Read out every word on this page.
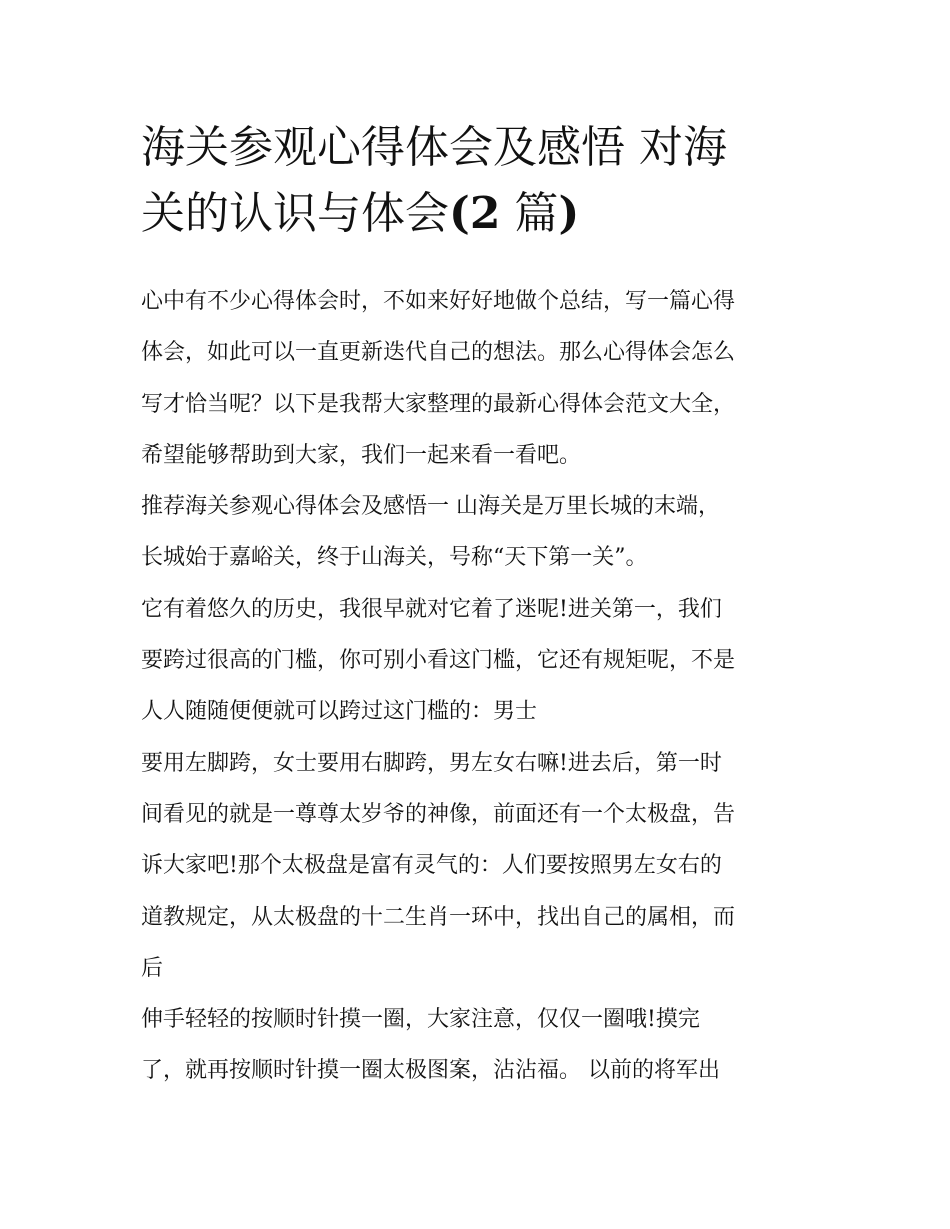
海关参观心得体会及感悟 对海
关的认识与体会(2 篇)

心中有不少心得体会时，不如来好好地做个总结，写一篇心得

体会，如此可以一直更新迭代自己的想法。那么心得体会怎么

写才恰当呢？以下是我帮大家整理的最新心得体会范文大全，

希望能够帮助到大家，我们一起来看一看吧。

推荐海关参观心得体会及感悟一 山海关是万里长城的末端，

长城始于嘉峪关，终于山海关，号称“天下第一关”。

它有着悠久的历史，我很早就对它着了迷呢!进关第一，我们

要跨过很高的门槛，你可别小看这门槛，它还有规矩呢，不是

人人随随便便就可以跨过这门槛的：男士

要用左脚跨，女士要用右脚跨，男左女右嘛!进去后，第一时

间看见的就是一尊尊太岁爷的神像，前面还有一个太极盘，告

诉大家吧!那个太极盘是富有灵气的：人们要按照男左女右的

道教规定，从太极盘的十二生肖一环中，找出自己的属相，而

后

伸手轻轻的按顺时针摸一圈，大家注意，仅仅一圈哦!摸完

了，就再按顺时针摸一圈太极图案，沾沾福。 以前的将军出
